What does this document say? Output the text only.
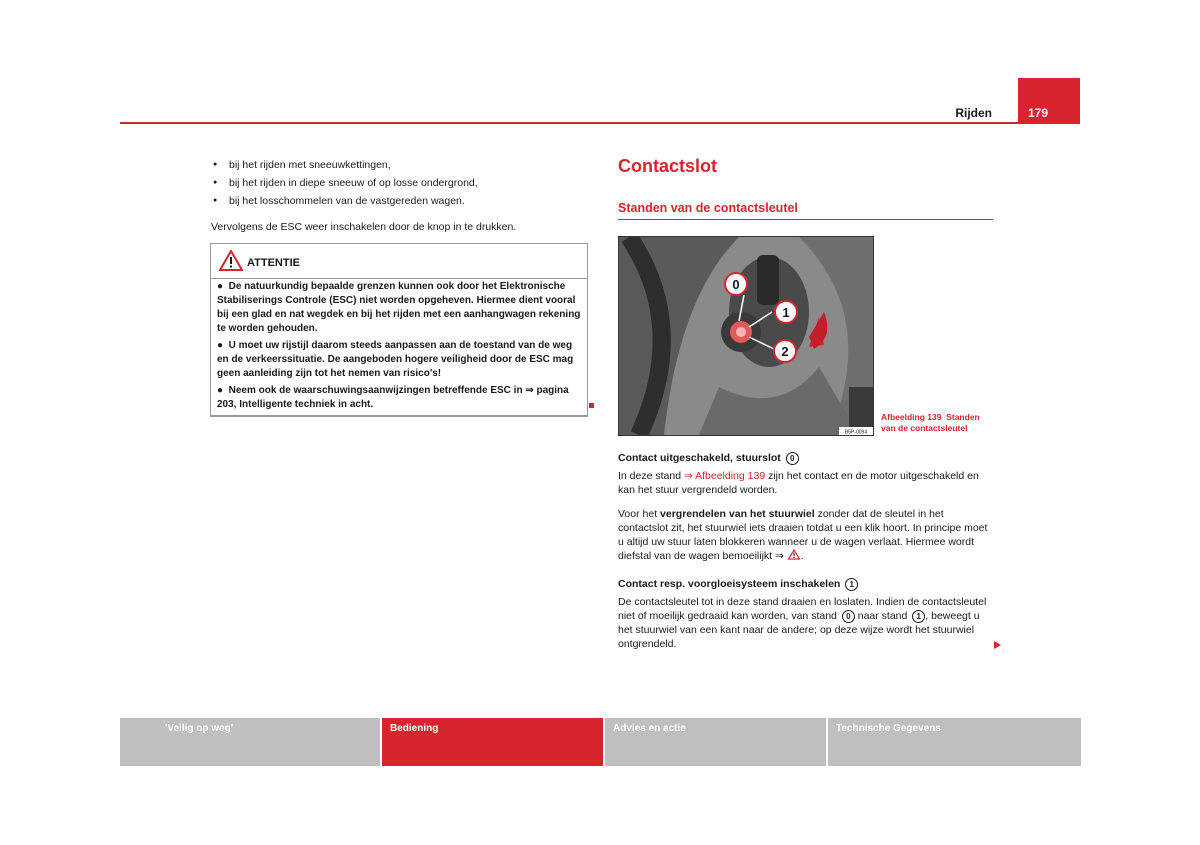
Rijden	179
● bij het rijden met sneeuwkettingen,
● bij het rijden in diepe sneeuw of op losse ondergrond,
● bij het losschommelen van de vastgereden wagen.
Vervolgens de ESC weer inschakelen door de knop in te drukken.
ATTENTIE
●  De natuurkundig bepaalde grenzen kunnen ook door het Elektronische Stabiliserings Controle (ESC) niet worden opgeheven. Hiermee dient vooral bij een glad en nat wegdek en bij het rijden met een aanhangwagen rekening te worden gehouden.
●  U moet uw rijstijl daarom steeds aanpassen aan de toestand van de weg en de verkeerssituatie. De aangeboden hogere veiligheid door de ESC mag geen aanleiding zijn tot het nemen van risico's!
●  Neem ook de waarschuwingsaanwijzingen betreffende ESC in ⇒ pagina 203, Intelligente techniek in acht.
Contactslot
Standen van de contactsleutel
0
1
2
B5P-0094
Afbeelding 139 Standen van de contactsleutel
Contact uitgeschakeld, stuurslot 0
In deze stand ⇒ Afbeelding 139 zijn het contact en de motor uitgeschakeld en kan het stuur vergrendeld worden.
Voor het vergrendelen van het stuurwiel zonder dat de sleutel in het contactslot zit, het stuurwiel iets draaien totdat u een klik hoort. In principe moet u altijd uw stuur laten blokkeren wanneer u de wagen verlaat. Hiermee wordt diefstal van de wagen bemoeilijkt ⇒ .
Contact resp. voorgloeisysteem inschakelen 1
De contactsleutel tot in deze stand draaien en loslaten. Indien de contactsleutel niet of moeilijk gedraaid kan worden, van stand 0 naar stand 1 , beweegt u het stuurwiel van een kant naar de andere; op deze wijze wordt het stuurwiel ontgrendeld.
'Veilig op weg'	Bediening	Advies en actie	Technische Gegevens
